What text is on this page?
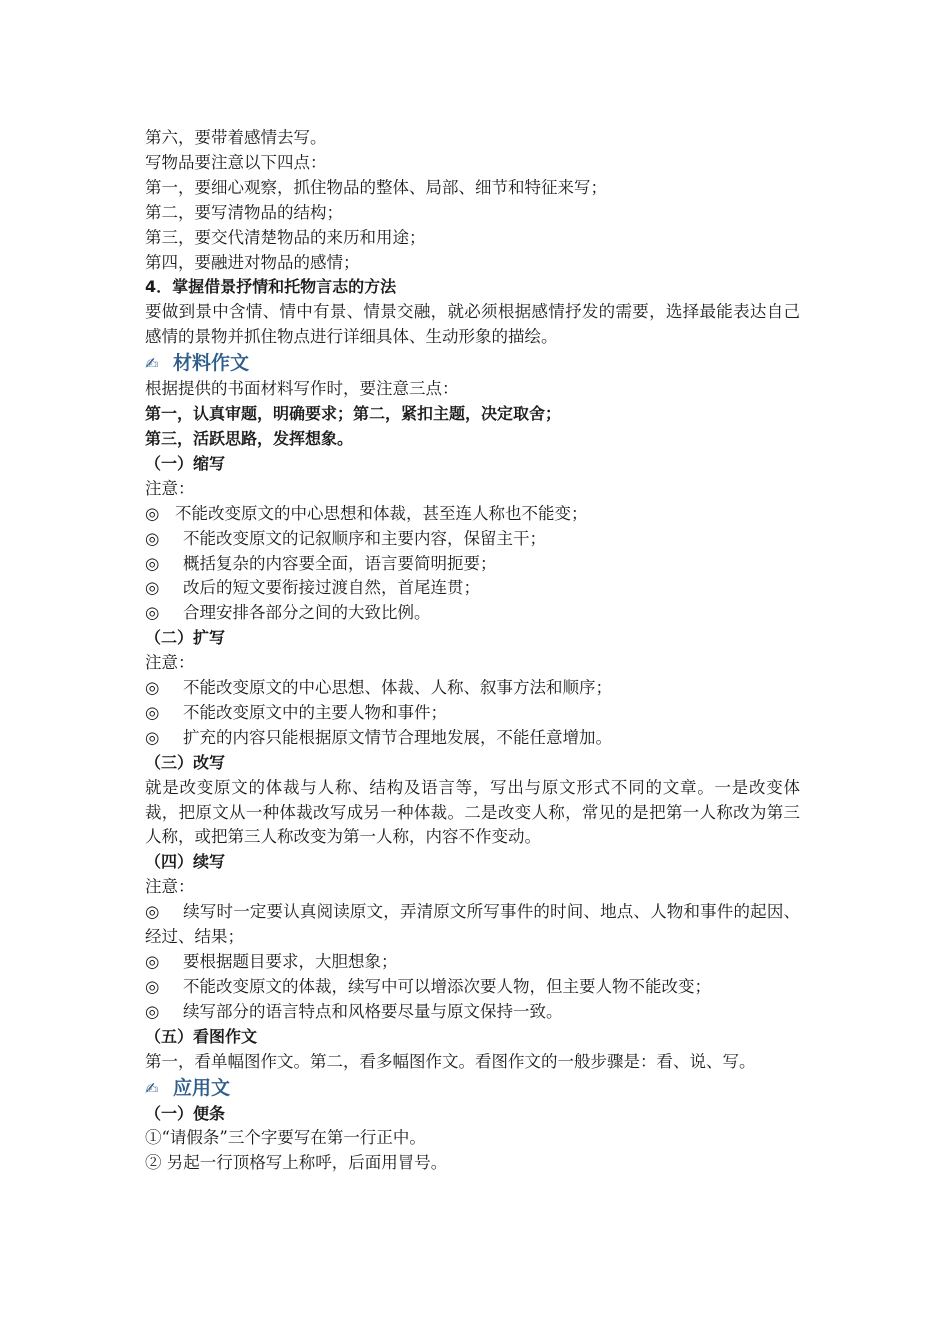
第六，要带着感情去写。

写物品要注意以下四点：

第一，要细心观察，抓住物品的整体、局部、细节和特征来写；

第二，要写清物品的结构；

第三，要交代清楚物品的来历和用途；

第四，要融进对物品的感情；

4．掌握借景抒情和托物言志的方法

要做到景中含情、情中有景、情景交融，就必须根据感情抒发的需要，选择最能表达自己感情的景物并抓住物点进行详细具体、生动形象的描绘。

✍ 材料作文

根据提供的书面材料写作时，要注意三点：

第一，认真审题，明确要求；第二，紧扣主题，决定取舍；

第三，活跃思路，发挥想象。

（一）缩写

注意：

◎ 不能改变原文的中心思想和体裁，甚至连人称也不能变；

◎ 不能改变原文的记叙顺序和主要内容，保留主干；

◎ 概括复杂的内容要全面，语言要简明扼要；

◎ 改后的短文要衔接过渡自然，首尾连贯；

◎ 合理安排各部分之间的大致比例。

（二）扩写

注意：

◎ 不能改变原文的中心思想、体裁、人称、叙事方法和顺序；

◎ 不能改变原文中的主要人物和事件；

◎ 扩充的内容只能根据原文情节合理地发展，不能任意增加。

（三）改写

就是改变原文的体裁与人称、结构及语言等，写出与原文形式不同的文章。一是改变体裁，把原文从一种体裁改写成另一种体裁。二是改变人称，常见的是把第一人称改为第三人称，或把第三人称改变为第一人称，内容不作变动。

（四）续写

注意：

◎ 续写时一定要认真阅读原文，弄清原文所写事件的时间、地点、人物和事件的起因、经过、结果；

◎ 要根据题目要求，大胆想象；

◎ 不能改变原文的体裁，续写中可以增添次要人物，但主要人物不能改变；

◎ 续写部分的语言特点和风格要尽量与原文保持一致。

（五）看图作文

第一，看单幅图作文。第二，看多幅图作文。看图作文的一般步骤是：看、说、写。

✍ 应用文

（一）便条

①“请假条”三个字要写在第一行正中。

② 另起一行顶格写上称呼，后面用冒号。
